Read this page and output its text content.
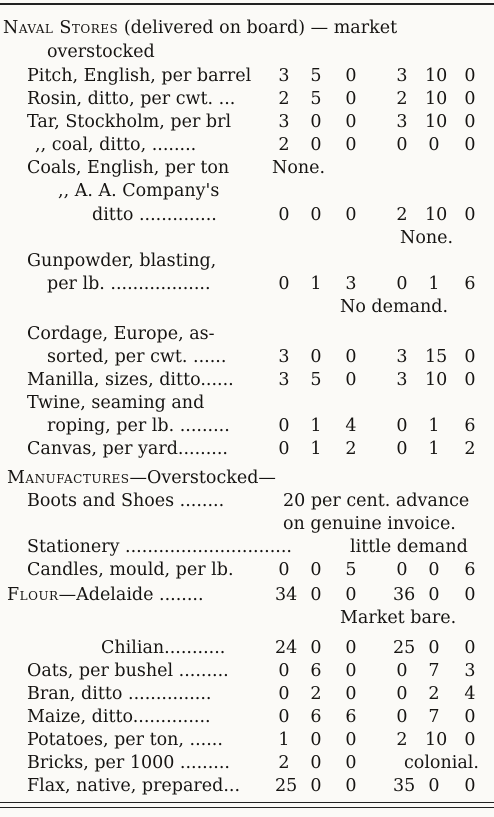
Naval Stores (delivered on board) — market
overstocked
Pitch, English, per barrel 3 5 0 3 10 0
Rosin, ditto, per cwt. ... 2 5 0 2 10 0
Tar, Stockholm, per brl	3 0 0 3 10 0
,, coal, ditto, ........	2 0 0 0 0 0
Coals, English, per ton None.
,, A. A. Company's
ditto ..............	0 0 0 2 10 0
None.
Gunpowder, blasting,
per lb. ..................	0 1 3 0 1 6
No demand.
Cordage, Europe, as-
sorted, per cwt. ......	3 0 0 3 15 0
Manilla, sizes, ditto......	3 5 0 3 10 0
Twine, seaming and
roping, per lb. .........	0 1 4 0 1 6
Canvas, per yard.........	0 1 2 0 1 2
Manufactures—Overstocked—
Boots and Shoes ........	20 per cent. advance
on genuine invoice.
Stationery ..............................	little demand
Candles, mould, per lb.	0 0 5 0 0 6
Flour—Adelaide ........	34 0 0 36 0 0
Market bare.
Chilian...........	24 0 0 25 0 0
Oats, per bushel .........	0 6 0 0 7 3
Bran, ditto ...............	0 2 0 0 2 4
Maize, ditto..............	0 6 6 0 7 0
Potatoes, per ton, ......	1 0 0 2 10 0
Bricks, per 1000 .........	2 0 0	colonial.
Flax, native, prepared... 25 0 0 35 0 0
